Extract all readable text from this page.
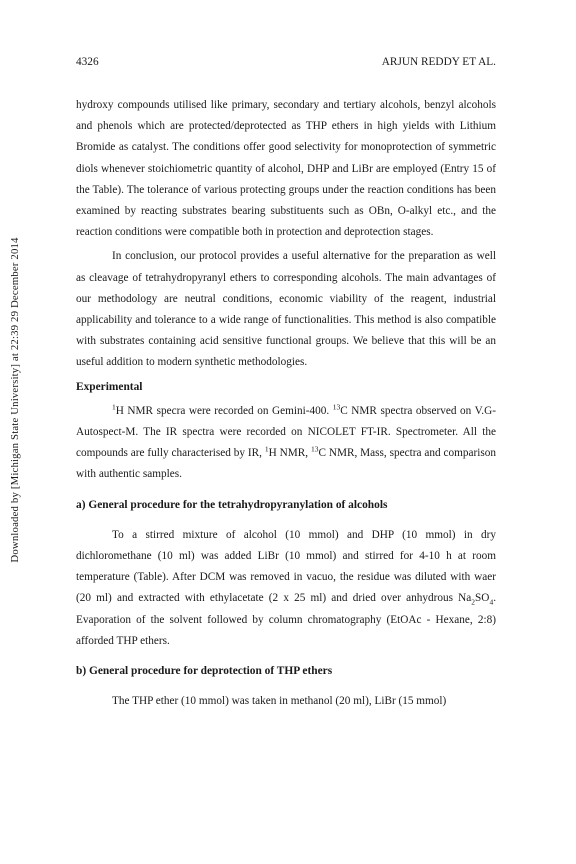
Downloaded by [Michigan State University] at 22:39 29 December 2014
4326	ARJUN REDDY ET AL.

hydroxy compounds utilised like primary, secondary and tertiary alcohols, benzyl alcohols and phenols which are protected/deprotected as THP ethers in high yields with Lithium Bromide as catalyst. The conditions offer good selectivity for monoprotection of symmetric diols whenever stoichiometric quantity of alcohol, DHP and LiBr are employed (Entry 15 of the Table). The tolerance of various protecting groups under the reaction conditions has been examined by reacting substrates bearing substituents such as OBn, O-alkyl etc., and the reaction conditions were compatible both in protection and deprotection stages.

In conclusion, our protocol provides a useful alternative for the preparation as well as cleavage of tetrahydropyranyl ethers to corresponding alcohols. The main advantages of our methodology are neutral conditions, economic viability of the reagent, industrial applicability and tolerance to a wide range of functionalities. This method is also compatible with substrates containing acid sensitive functional groups. We believe that this will be an useful addition to modern synthetic methodologies.

Experimental

$^1$H NMR specra were recorded on Gemini-400. $^{13}$C NMR spectra observed on V.G-Autospect-M. The IR spectra were recorded on NICOLET FT-IR. Spectrometer. All the compounds are fully characterised by IR, $^1$H NMR, $^{13}$C NMR, Mass, spectra and comparison with authentic samples.

a) General procedure for the tetrahydropyranylation of alcohols

To a stirred mixture of alcohol (10 mmol) and DHP (10 mmol) in dry dichloromethane (10 ml) was added LiBr (10 mmol) and stirred for 4-10 h at room temperature (Table). After DCM was removed in vacuo, the residue was diluted with waer (20 ml) and extracted with ethylacetate (2 x 25 ml) and dried over anhydrous $Na_2SO_4$. Evaporation of the solvent followed by column chromatography (EtOAc - Hexane, 2:8) afforded THP ethers.

b) General procedure for deprotection of THP ethers

The THP ether (10 mmol) was taken in methanol (20 ml), LiBr (15 mmol)
